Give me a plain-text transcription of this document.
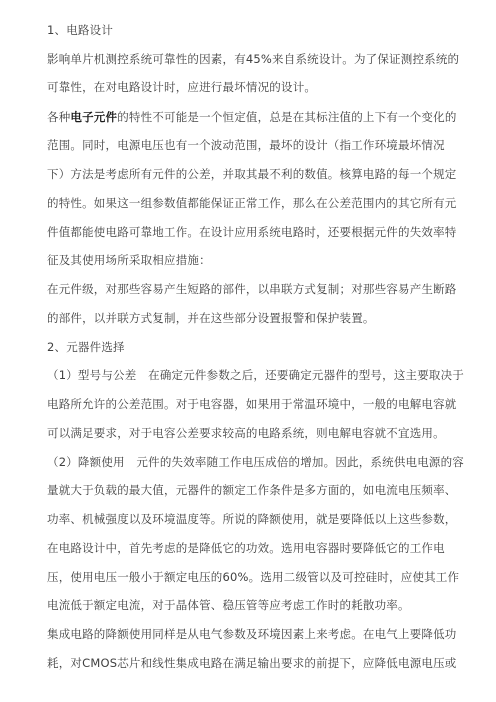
1、电路设计
影响单片机测控系统可靠性的因素，有45%来自系统设计。为了保证测控系统的
可靠性，在对电路设计时，应进行最坏情况的设计。
各种电子元件的特性不可能是一个恒定值，总是在其标注值的上下有一个变化的
范围。同时，电源电压也有一个波动范围，最坏的设计（指工作环境最坏情况
下）方法是考虑所有元件的公差，并取其最不利的数值。核算电路的每一个规定
的特性。如果这一组参数值都能保证正常工作，那么在公差范围内的其它所有元
件值都能使电路可靠地工作。在设计应用系统电路时，还要根据元件的失效率特
征及其使用场所采取相应措施：
在元件级，对那些容易产生短路的部件，以串联方式复制；对那些容易产生断路
的部件，以并联方式复制，并在这些部分设置报警和保护装置。
2、元器件选择
（1）型号与公差　在确定元件参数之后，还要确定元器件的型号，这主要取决于
电路所允许的公差范围。对于电容器，如果用于常温环境中，一般的电解电容就
可以满足要求，对于电容公差要求较高的电路系统，则电解电容就不宜选用。
（2）降额使用　元件的失效率随工作电压成倍的增加。因此，系统供电电源的容
量就大于负载的最大值，元器件的额定工作条件是多方面的，如电流电压频率、
功率、机械强度以及环境温度等。所说的降额使用，就是要降低以上这些参数，
在电路设计中，首先考虑的是降低它的功效。选用电容器时要降低它的工作电
压，使用电压一般小于额定电压的60%。选用二级管以及可控硅时，应使其工作
电流低于额定电流，对于晶体管、稳压管等应考虑工作时的耗散功率。
集成电路的降额使用同样是从电气参数及环境因素上来考虑。在电气上要降低功
耗，对CMOS芯片和线性集成电路在满足输出要求的前提下，应降低电源电压或
